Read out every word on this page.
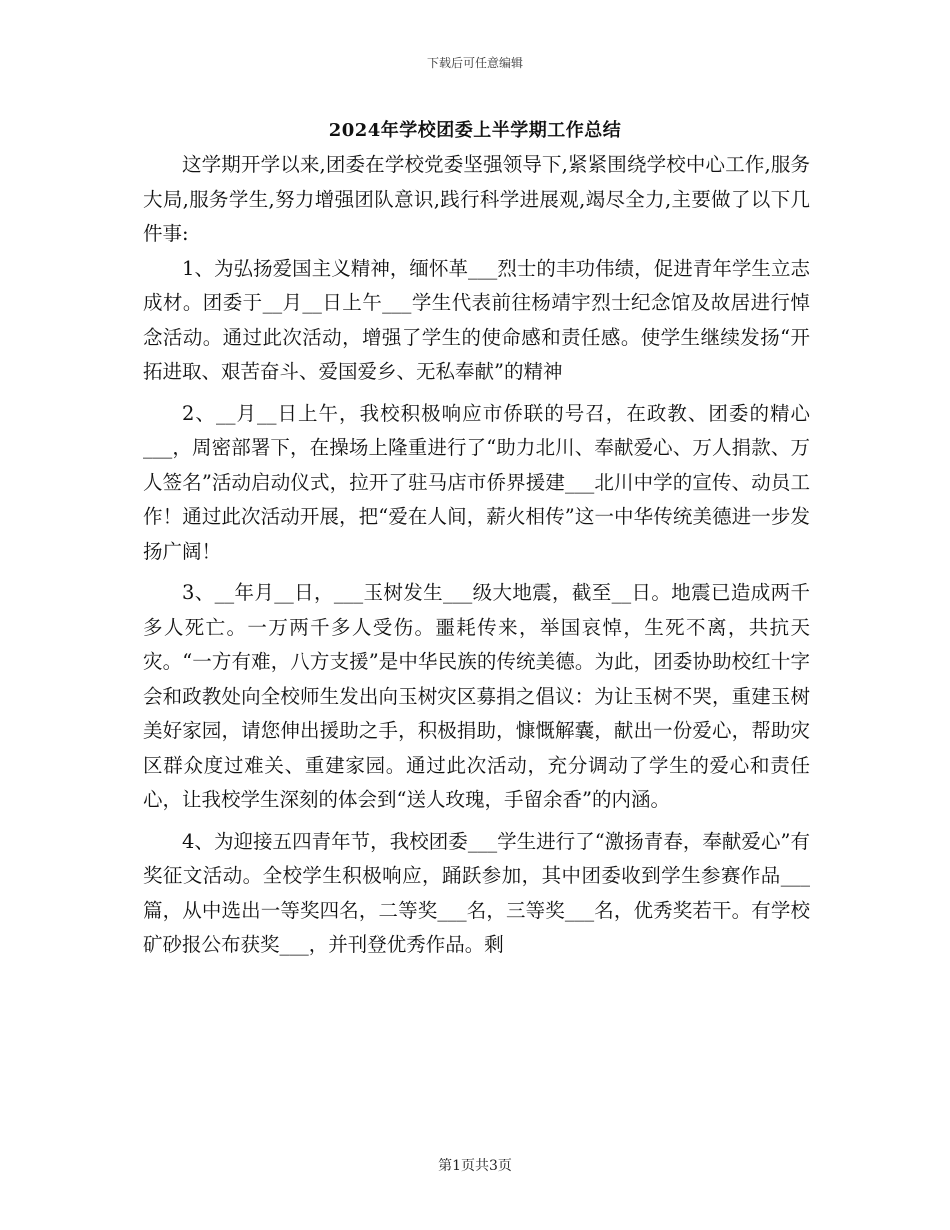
下载后可任意编辑
2024年学校团委上半学期工作总结

这学期开学以来,团委在学校党委坚强领导下,紧紧围绕学校中心工作,服务大局,服务学生,努力增强团队意识,践行科学进展观,竭尽全力,主要做了以下几件事:

1、为弘扬爱国主义精神，缅怀革___烈士的丰功伟绩，促进青年学生立志成材。团委于__月__日上午___学生代表前往杨靖宇烈士纪念馆及故居进行悼念活动。通过此次活动，增强了学生的使命感和责任感。使学生继续发扬“开拓进取、艰苦奋斗、爱国爱乡、无私奉献”的精神

2、__月__日上午，我校积极响应市侨联的号召，在政教、团委的精心___，周密部署下，在操场上隆重进行了“助力北川、奉献爱心、万人捐款、万人签名”活动启动仪式，拉开了驻马店市侨界援建___北川中学的宣传、动员工作！通过此次活动开展，把“爱在人间，薪火相传”这一中华传统美德进一步发扬广阔！

3、__年月__日，___玉树发生___级大地震，截至__日。地震已造成两千多人死亡。一万两千多人受伤。噩耗传来，举国哀悼，生死不离，共抗天灾。“一方有难，八方支援”是中华民族的传统美德。为此，团委协助校红十字会和政教处向全校师生发出向玉树灾区募捐之倡议：为让玉树不哭，重建玉树美好家园，请您伸出援助之手，积极捐助，慷慨解囊，献出一份爱心，帮助灾区群众度过难关、重建家园。通过此次活动，充分调动了学生的爱心和责任心，让我校学生深刻的体会到“送人玫瑰，手留余香”的内涵。

4、为迎接五四青年节，我校团委___学生进行了“激扬青春，奉献爱心”有奖征文活动。全校学生积极响应，踊跃参加，其中团委收到学生参赛作品___篇，从中选出一等奖四名，二等奖___名，三等奖___名，优秀奖若干。有学校矿砂报公布获奖___，并刊登优秀作品。剩

第1页共3页
